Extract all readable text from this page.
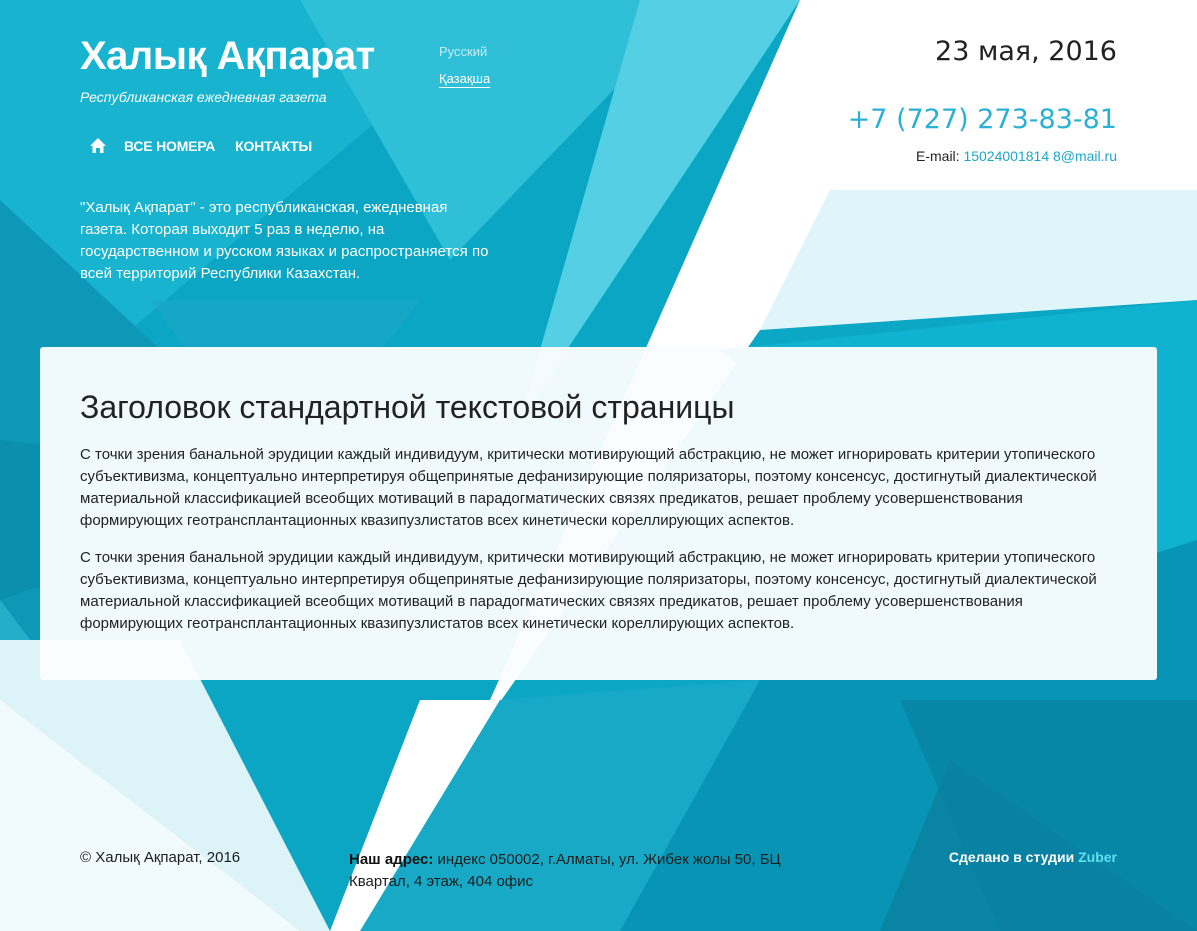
Халық Ақпарат
Республиканская ежедневная газета
Русский
Қазақша
ВСЕ НОМЕРА КОНТАКТЫ
23 мая, 2016
+7 (727) 273-83-81
E-mail: 15024001814 8@mail.ru
"Халық Ақпарат" - это республиканская, ежедневная газета. Которая выходит 5 раз в неделю, на государственном и русском языках и распространяется по всей территорий Республики Казахстан.
Заголовок стандартной текстовой страницы

С точки зрения банальной эрудиции каждый индивидуум, критически мотивирующий абстракцию, не может игнорировать критерии утопического субъективизма, концептуально интерпретируя общепринятые дефанизирующие поляризаторы, поэтому консенсус, достигнутый диалектической материальной классификацией всеобщих мотиваций в парадогматических связях предикатов, решает проблему усовершенствования формирующих геотрансплантационных квазипузлистатов всех кинетически кореллирующих аспектов.

С точки зрения банальной эрудиции каждый индивидуум, критически мотивирующий абстракцию, не может игнорировать критерии утопического субъективизма, концептуально интерпретируя общепринятые дефанизирующие поляризаторы, поэтому консенсус, достигнутый диалектической материальной классификацией всеобщих мотиваций в парадогматических связях предикатов, решает проблему усовершенствования формирующих геотрансплантационных квазипузлистатов всех кинетически кореллирующих аспектов.

© Халық Ақпарат, 2016	Наш адрес: индекс 050002, г.Алматы, ул. Жибек жолы 50, БЦ Квартал, 4 этаж, 404 офис
Сделано в студии Zuber
